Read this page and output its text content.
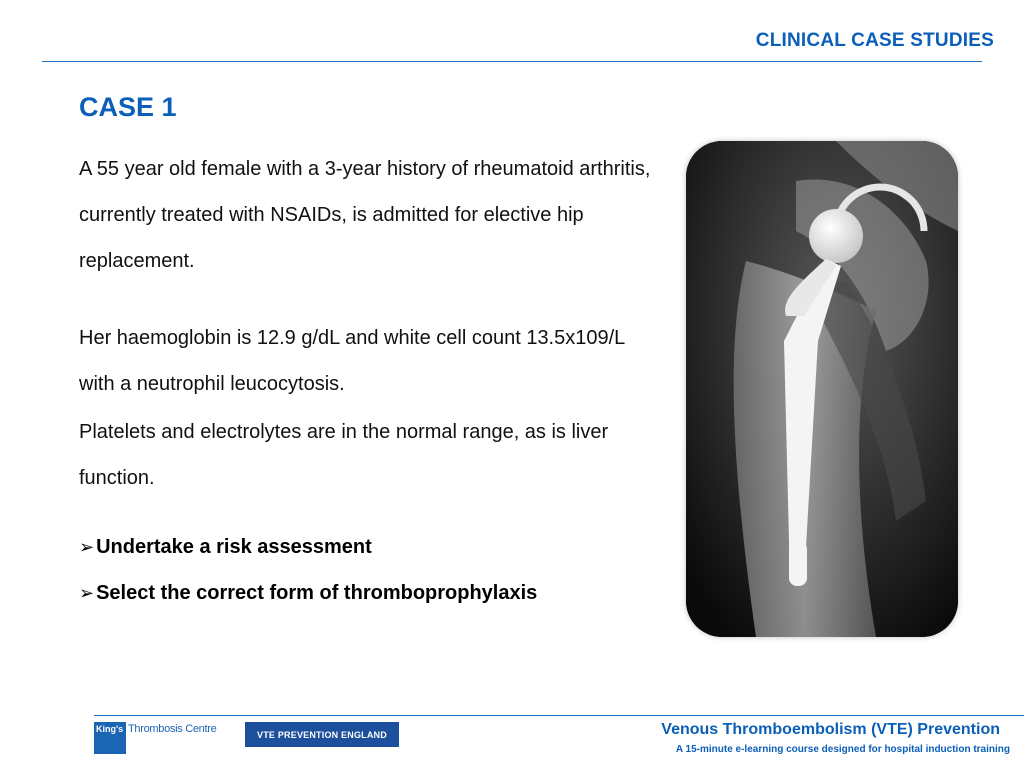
CLINICAL CASE STUDIES
CASE 1
A 55 year old female with a 3-year history of rheumatoid arthritis, currently treated with NSAIDs, is admitted for elective hip replacement.
Her haemoglobin is 12.9 g/dL and white cell count 13.5x109/L with a neutrophil leucocytosis.
Platelets and electrolytes are in the normal range, as is liver function.
➢ Undertake a risk assessment
➢ Select the correct form of thromboprophylaxis
King's Thrombosis Centre	VTE PREVENTION ENGLAND	Venous Thromboembolism (VTE) Prevention
A 15-minute e-learning course designed for hospital induction training
